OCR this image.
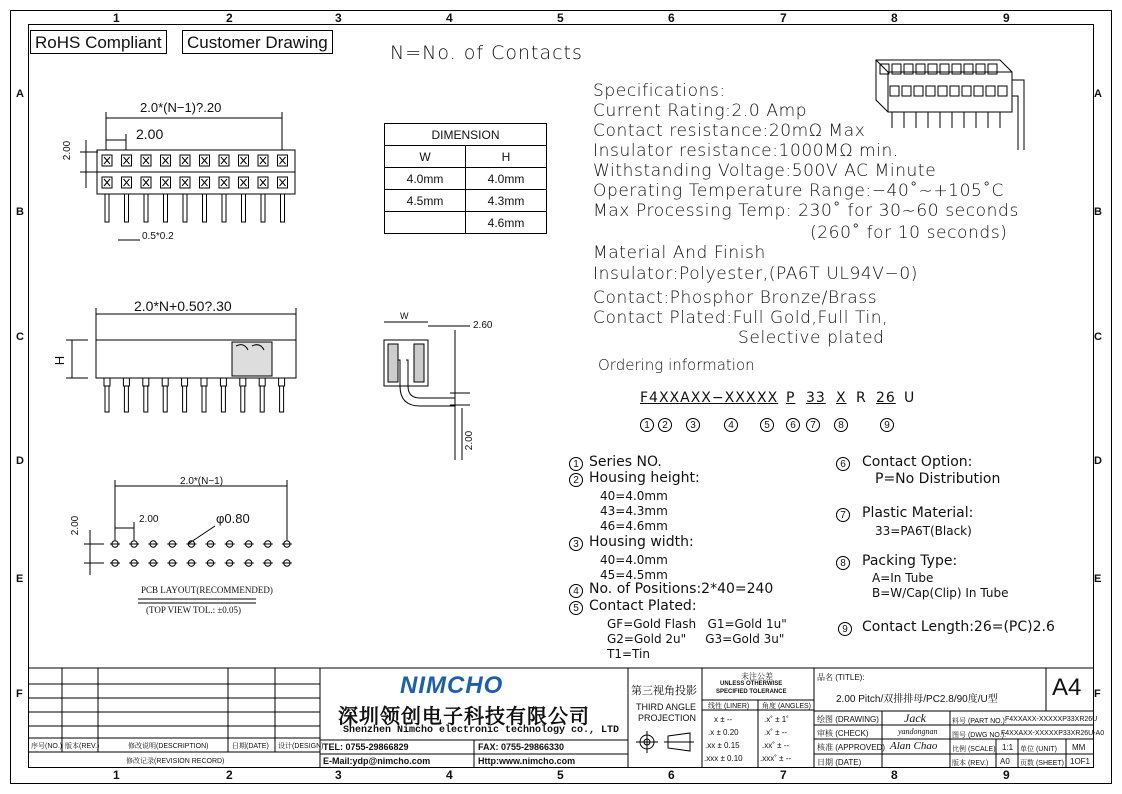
1
1
2
2
3
3
4
4
5
5
6
6
7
7
8
8
9
9
A	A
B	B
C	C
D	D
E	E
F	F
RoHS Compliant Customer Drawing	N=No. of Contacts
2.0*(N−1)?.20
2.00
2.00
0.5*0.2
2.0*N+0.50?.30
H
W
2.60
2.00
2.0*(N−1)
2.00
2.00	φ0.80
PCB LAYOUT(RECOMMENDED)
(TOP VIEW TOL.: ±0.05)
DIMENSION	
W	H
4.0mm	4.0mm
4.5mm	4.3mm
	4.6mm
Specifications:
Current Rating:2.0 Amp
Contact resistance:20mΩ Max
Insulator resistance:1000MΩ min.
Withstanding Voltage:500V AC Minute
Operating Temperature Range:−40˚~+105˚C
Max Processing Temp: 230˚ for 30~60 seconds
(260˚ for 10 seconds)
Material And Finish
Insulator:Polyester,(PA6T UL94V−0)
Contact:Phosphor Bronze/Brass
Contact Plated:Full Gold,Full Tin,
Selective plated
Ordering information
F4XXAXX−XXX XX P 33 X R 26 U
1	2	3	4	5	6	7	8	9
1 Series NO.
2 Housing height:
40=4.0mm
43=4.3mm
46=4.6mm
3 Housing width:
40=4.0mm
45=4.5mm
4 No. of Positions:2*40=240
5 Contact Plated:
GF=Gold Flash   G1=Gold 1u"
G2=Gold 2u"     G3=Gold 3u"
T1=Tin
6	Contact Option:
P=No Distribution
7	Plastic Material:
33=PA6T(Black)
8	Packing Type:
A=In Tube
B=W/Cap(Clip) In Tube
9	Contact Length:26=(PC)2.6
NIMCHO
深圳领创电子科技有限公司
Shenzhen Nimcho electronic technology co., LTD
TEL: 0755-29866829	FAX: 0755-29866330
E-Mail:ydp@nimcho.com	Http:www.nimcho.com
第三视角投影
THIRD ANGLE
PROJECTION
未注公差
UNLESS OTHERWISE
SPECIFIED TOLERANCE
线性 (LINER) 角度 (ANGLES)
x ± --	.x˚ ± 1˚
.x ± 0.20	.x˚ ± --
.xx ± 0.15	.xx˚ ± --
.xxx ± 0.10 .xxx˚ ± --
品名 (TITLE):
2.00 Pitch/双排排母/PC2.8/90度/U型 A4
绘图 (DRAWING) Jack
审核 (CHECK)	yandongnan
核准 (APPROVED) Alan Chao
日期 (DATE)
料号 (PART NO.):
F4XXAXX-XXXXXP33XR26U
图号 (DWG NO.):
F4XXAXX-XXXXXP33XR26U-A0
比例 (SCALE) 1:1 单位 (UNIT) MM
版本 (REV.) A0 页数 (SHEET) 1OF1
序号(NO.) 版本(REV.)	修改说明(DESCRIPTION)	日期(DATE) 设计(DESIGN)
修改记录(REVISION RECORD)
